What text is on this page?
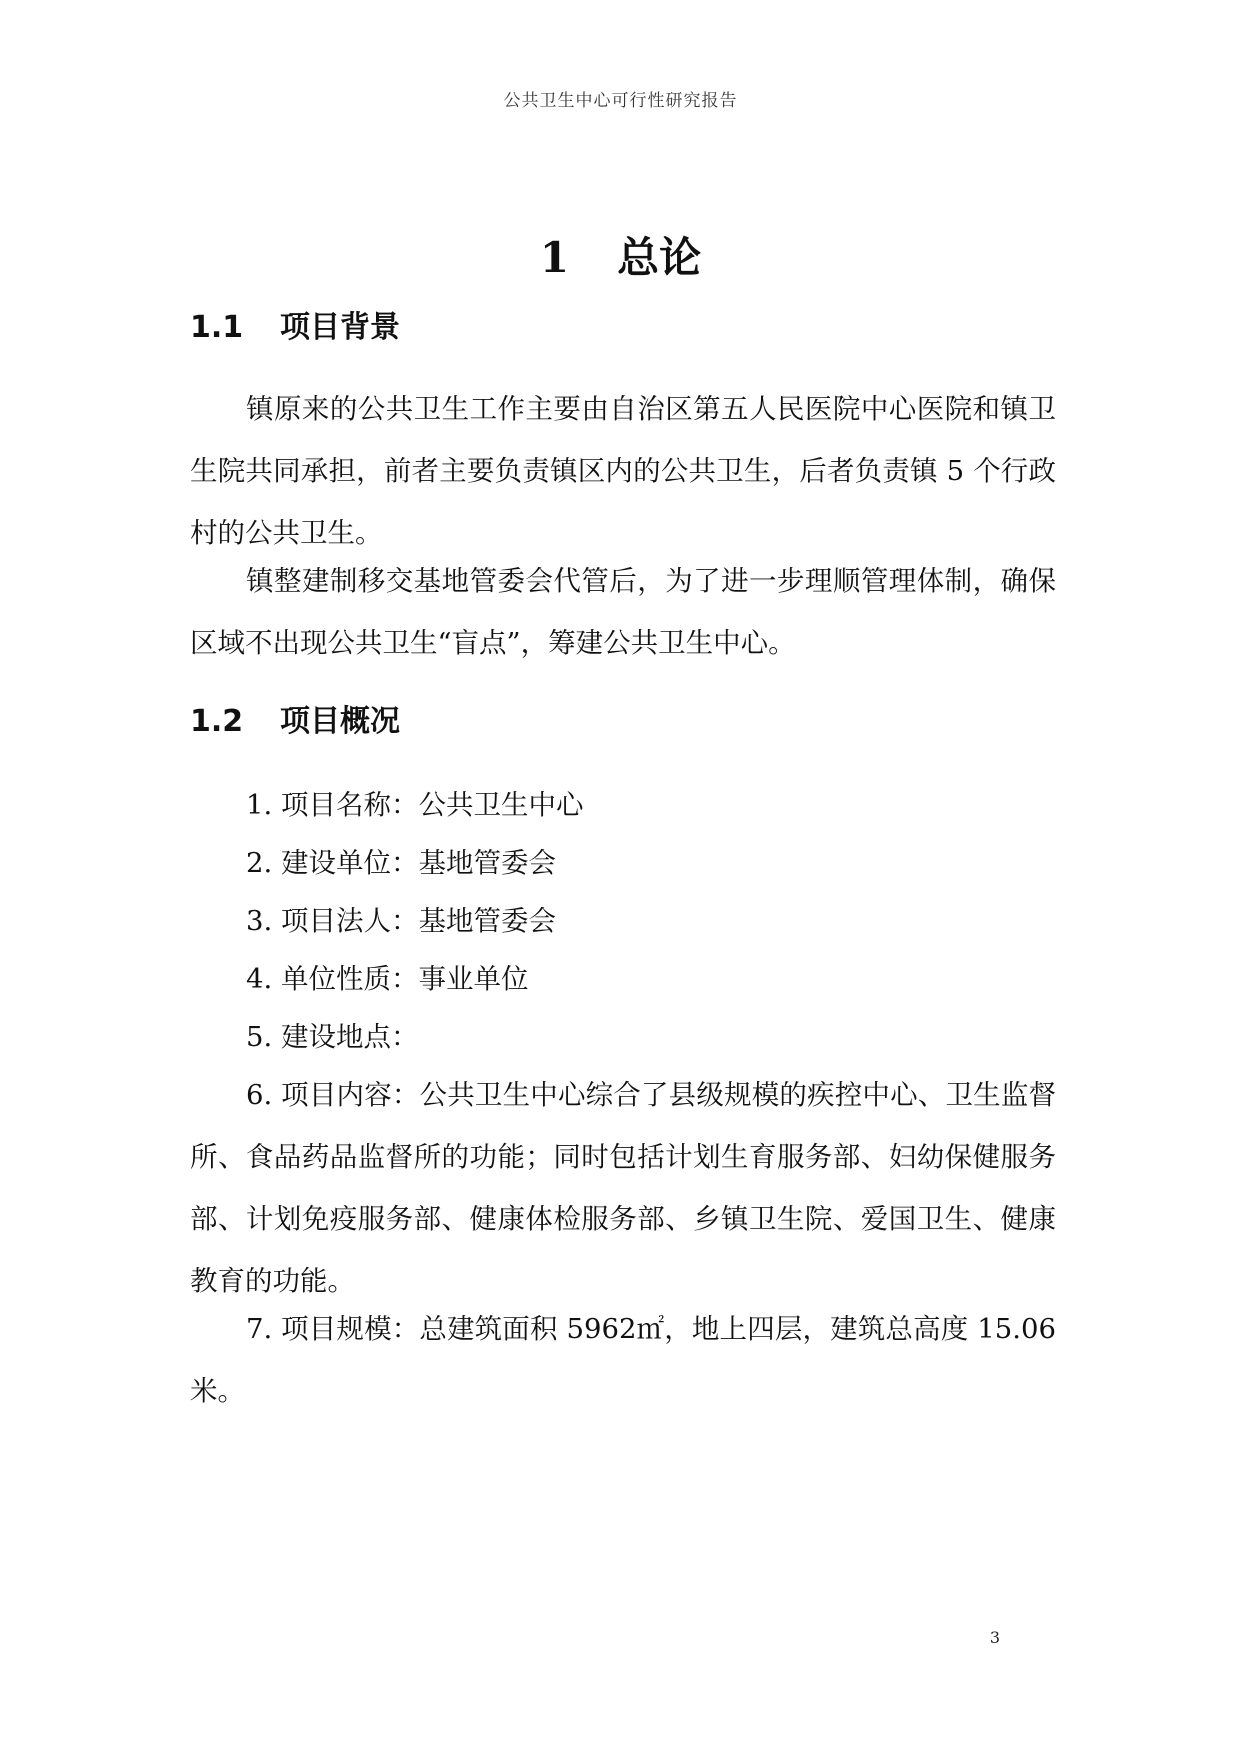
公共卫生中心可行性研究报告
1 总论
1.1 项目背景

镇原来的公共卫生工作主要由自治区第五人民医院中心医院和镇卫生院共同承担，前者主要负责镇区内的公共卫生，后者负责镇 5 个行政村的公共卫生。

镇整建制移交基地管委会代管后，为了进一步理顺管理体制，确保区域不出现公共卫生“盲点”，筹建公共卫生中心。

1.2 项目概况
1. 项目名称：公共卫生中心
2. 建设单位：基地管委会
3. 项目法人：基地管委会
4. 单位性质：事业单位
5. 建设地点：

6. 项目内容：公共卫生中心综合了县级规模的疾控中心、卫生监督所、食品药品监督所的功能；同时包括计划生育服务部、妇幼保健服务部、计划免疫服务部、健康体检服务部、乡镇卫生院、爱国卫生、健康教育的功能。

7. 项目规模：总建筑面积 5962㎡，地上四层，建筑总高度 15.06 米。

3
